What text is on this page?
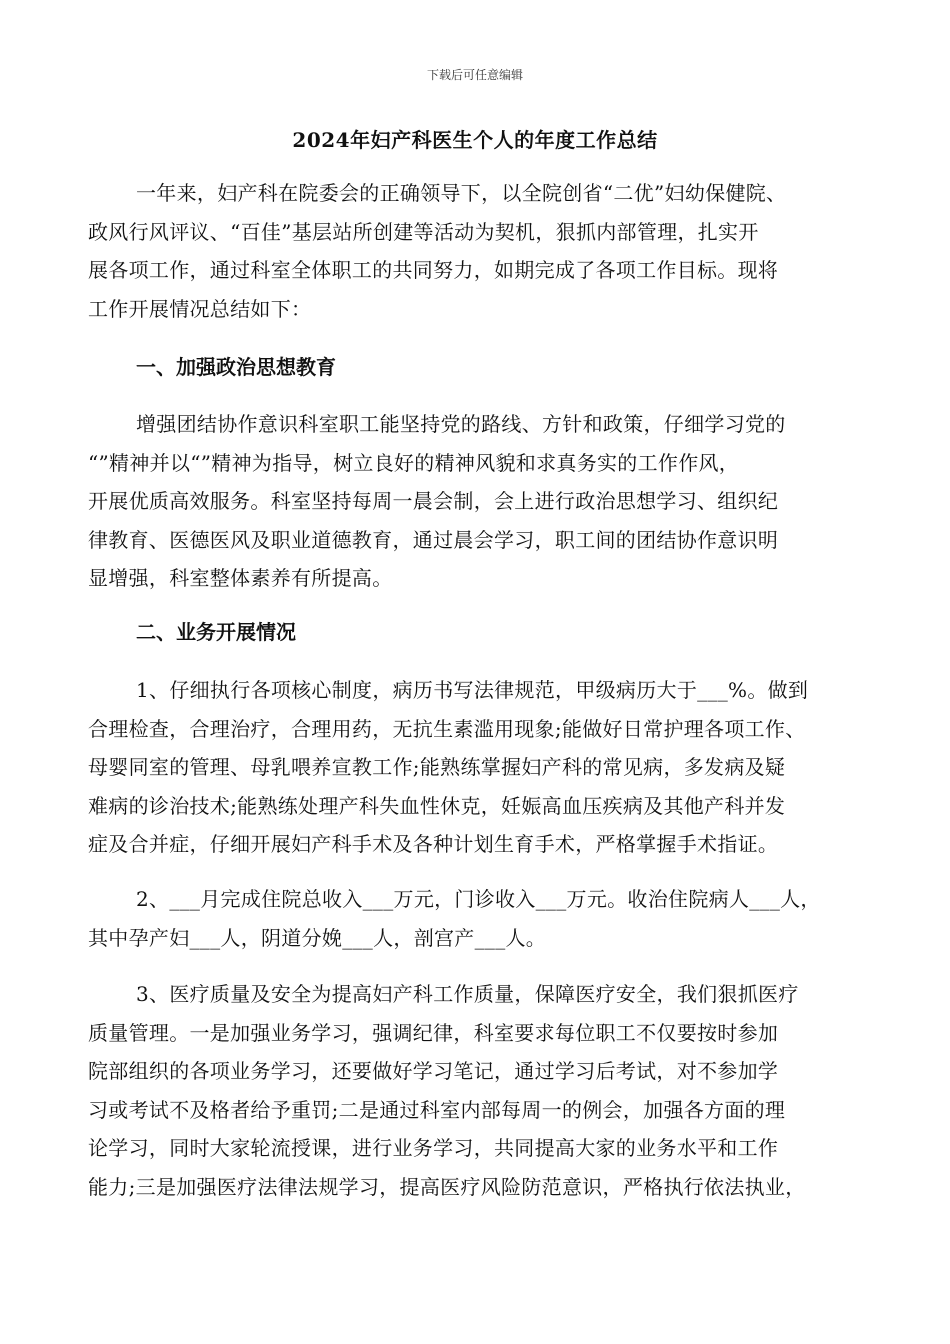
下载后可任意编辑
2024年妇产科医生个人的年度工作总结
一年来，妇产科在院委会的正确领导下，以全院创省“二优”妇幼保健院、
政风行风评议、“百佳”基层站所创建等活动为契机，狠抓内部管理，扎实开
展各项工作，通过科室全体职工的共同努力，如期完成了各项工作目标。现将
工作开展情况总结如下：
一、加强政治思想教育
增强团结协作意识科室职工能坚持党的路线、方针和政策，仔细学习党的
“”精神并以“”精神为指导，树立良好的精神风貌和求真务实的工作作风，
开展优质高效服务。科室坚持每周一晨会制，会上进行政治思想学习、组织纪
律教育、医德医风及职业道德教育，通过晨会学习，职工间的团结协作意识明
显增强，科室整体素养有所提高。
二、业务开展情况
1、仔细执行各项核心制度，病历书写法律规范，甲级病历大于___%。做到
合理检查，合理治疗，合理用药，无抗生素滥用现象;能做好日常护理各项工作、
母婴同室的管理、母乳喂养宣教工作;能熟练掌握妇产科的常见病，多发病及疑
难病的诊治技术;能熟练处理产科失血性休克，妊娠高血压疾病及其他产科并发
症及合并症，仔细开展妇产科手术及各种计划生育手术，严格掌握手术指证。
2、___月完成住院总收入___万元，门诊收入___万元。收治住院病人___人，
其中孕产妇___人，阴道分娩___人，剖宫产___人。
3、医疗质量及安全为提高妇产科工作质量，保障医疗安全，我们狠抓医疗
质量管理。一是加强业务学习，强调纪律，科室要求每位职工不仅要按时参加
院部组织的各项业务学习，还要做好学习笔记，通过学习后考试，对不参加学
习或考试不及格者给予重罚;二是通过科室内部每周一的例会，加强各方面的理
论学习，同时大家轮流授课，进行业务学习，共同提高大家的业务水平和工作
能力;三是加强医疗法律法规学习，提高医疗风险防范意识，严格执行依法执业，
